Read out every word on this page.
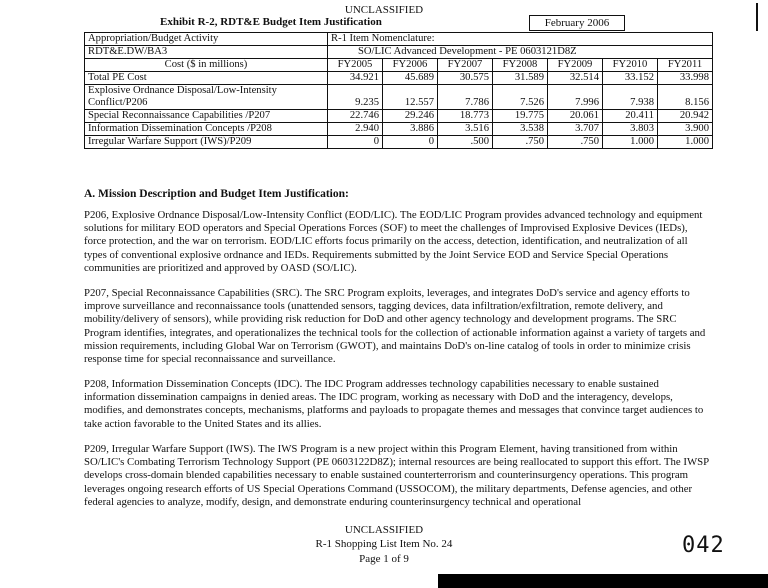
UNCLASSIFIED
Exhibit R-2, RDT&E Budget Item Justification	February 2006
Appropriation/Budget Activity	R-1 Item Nomenclature:						
RDT&E.DW/BA3	SO/LIC Advanced Development - PE 0603121D8Z						
Cost ($ in millions)	FY2005	FY2006	FY2007	FY2008	FY2009	FY2010	FY2011
Total PE Cost	34.921	45.689	30.575	31.589	32.514	33.152	33.998
Explosive Ordnance Disposal/Low-Intensity
Conflict/P206	9.235	12.557	7.786	7.526	7.996	7.938	8.156
Special Reconnaissance Capabilities /P207	22.746	29.246	18.773	19.775	20.061	20.411	20.942
Information Dissemination Concepts /P208	2.940	3.886	3.516	3.538	3.707	3.803	3.900
Irregular Warfare Support (IWS)/P209	0	0	.500	.750	.750	1.000	1.000
A. Mission Description and Budget Item Justification:

P206, Explosive Ordnance Disposal/Low-Intensity Conflict (EOD/LIC). The EOD/LIC Program provides advanced technology and equipment solutions for military EOD operators and Special Operations Forces (SOF) to meet the challenges of Improvised Explosive Devices (IEDs), force protection, and the war on terrorism. EOD/LIC efforts focus primarily on the access, detection, identification, and neutralization of all types of conventional explosive ordnance and IEDs. Requirements submitted by the Joint Service EOD and Service Special Operations communities are prioritized and approved by OASD (SO/LIC).

P207, Special Reconnaissance Capabilities (SRC). The SRC Program exploits, leverages, and integrates DoD's service and agency efforts to improve surveillance and reconnaissance tools (unattended sensors, tagging devices, data infiltration/exfiltration, remote delivery, and mobility/delivery of sensors), while providing risk reduction for DoD and other agency technology and development programs. The SRC Program identifies, integrates, and operationalizes the technical tools for the collection of actionable information against a variety of targets and mission requirements, including Global War on Terrorism (GWOT), and maintains DoD's on-line catalog of tools in order to minimize crisis response time for special reconnaissance and surveillance.

P208, Information Dissemination Concepts (IDC). The IDC Program addresses technology capabilities necessary to enable sustained information dissemination campaigns in denied areas. The IDC program, working as necessary with DoD and the interagency, develops, modifies, and demonstrates concepts, mechanisms, platforms and payloads to propagate themes and messages that convince target audiences to take action favorable to the United States and its allies.

P209, Irregular Warfare Support (IWS). The IWS Program is a new project within this Program Element, having transitioned from within SO/LIC's Combating Terrorism Technology Support (PE 0603122D8Z); internal resources are being reallocated to support this effort. The IWSP develops cross-domain blended capabilities necessary to enable sustained counterterrorism and counterinsurgency operations. This program leverages ongoing research efforts of US Special Operations Command (USSOCOM), the military departments, Defense agencies, and other federal agencies to analyze, modify, design, and demonstrate enduring counterinsurgency technical and operational

UNCLASSIFIED
R-1 Shopping List Item No. 24
Page 1 of 9
042
